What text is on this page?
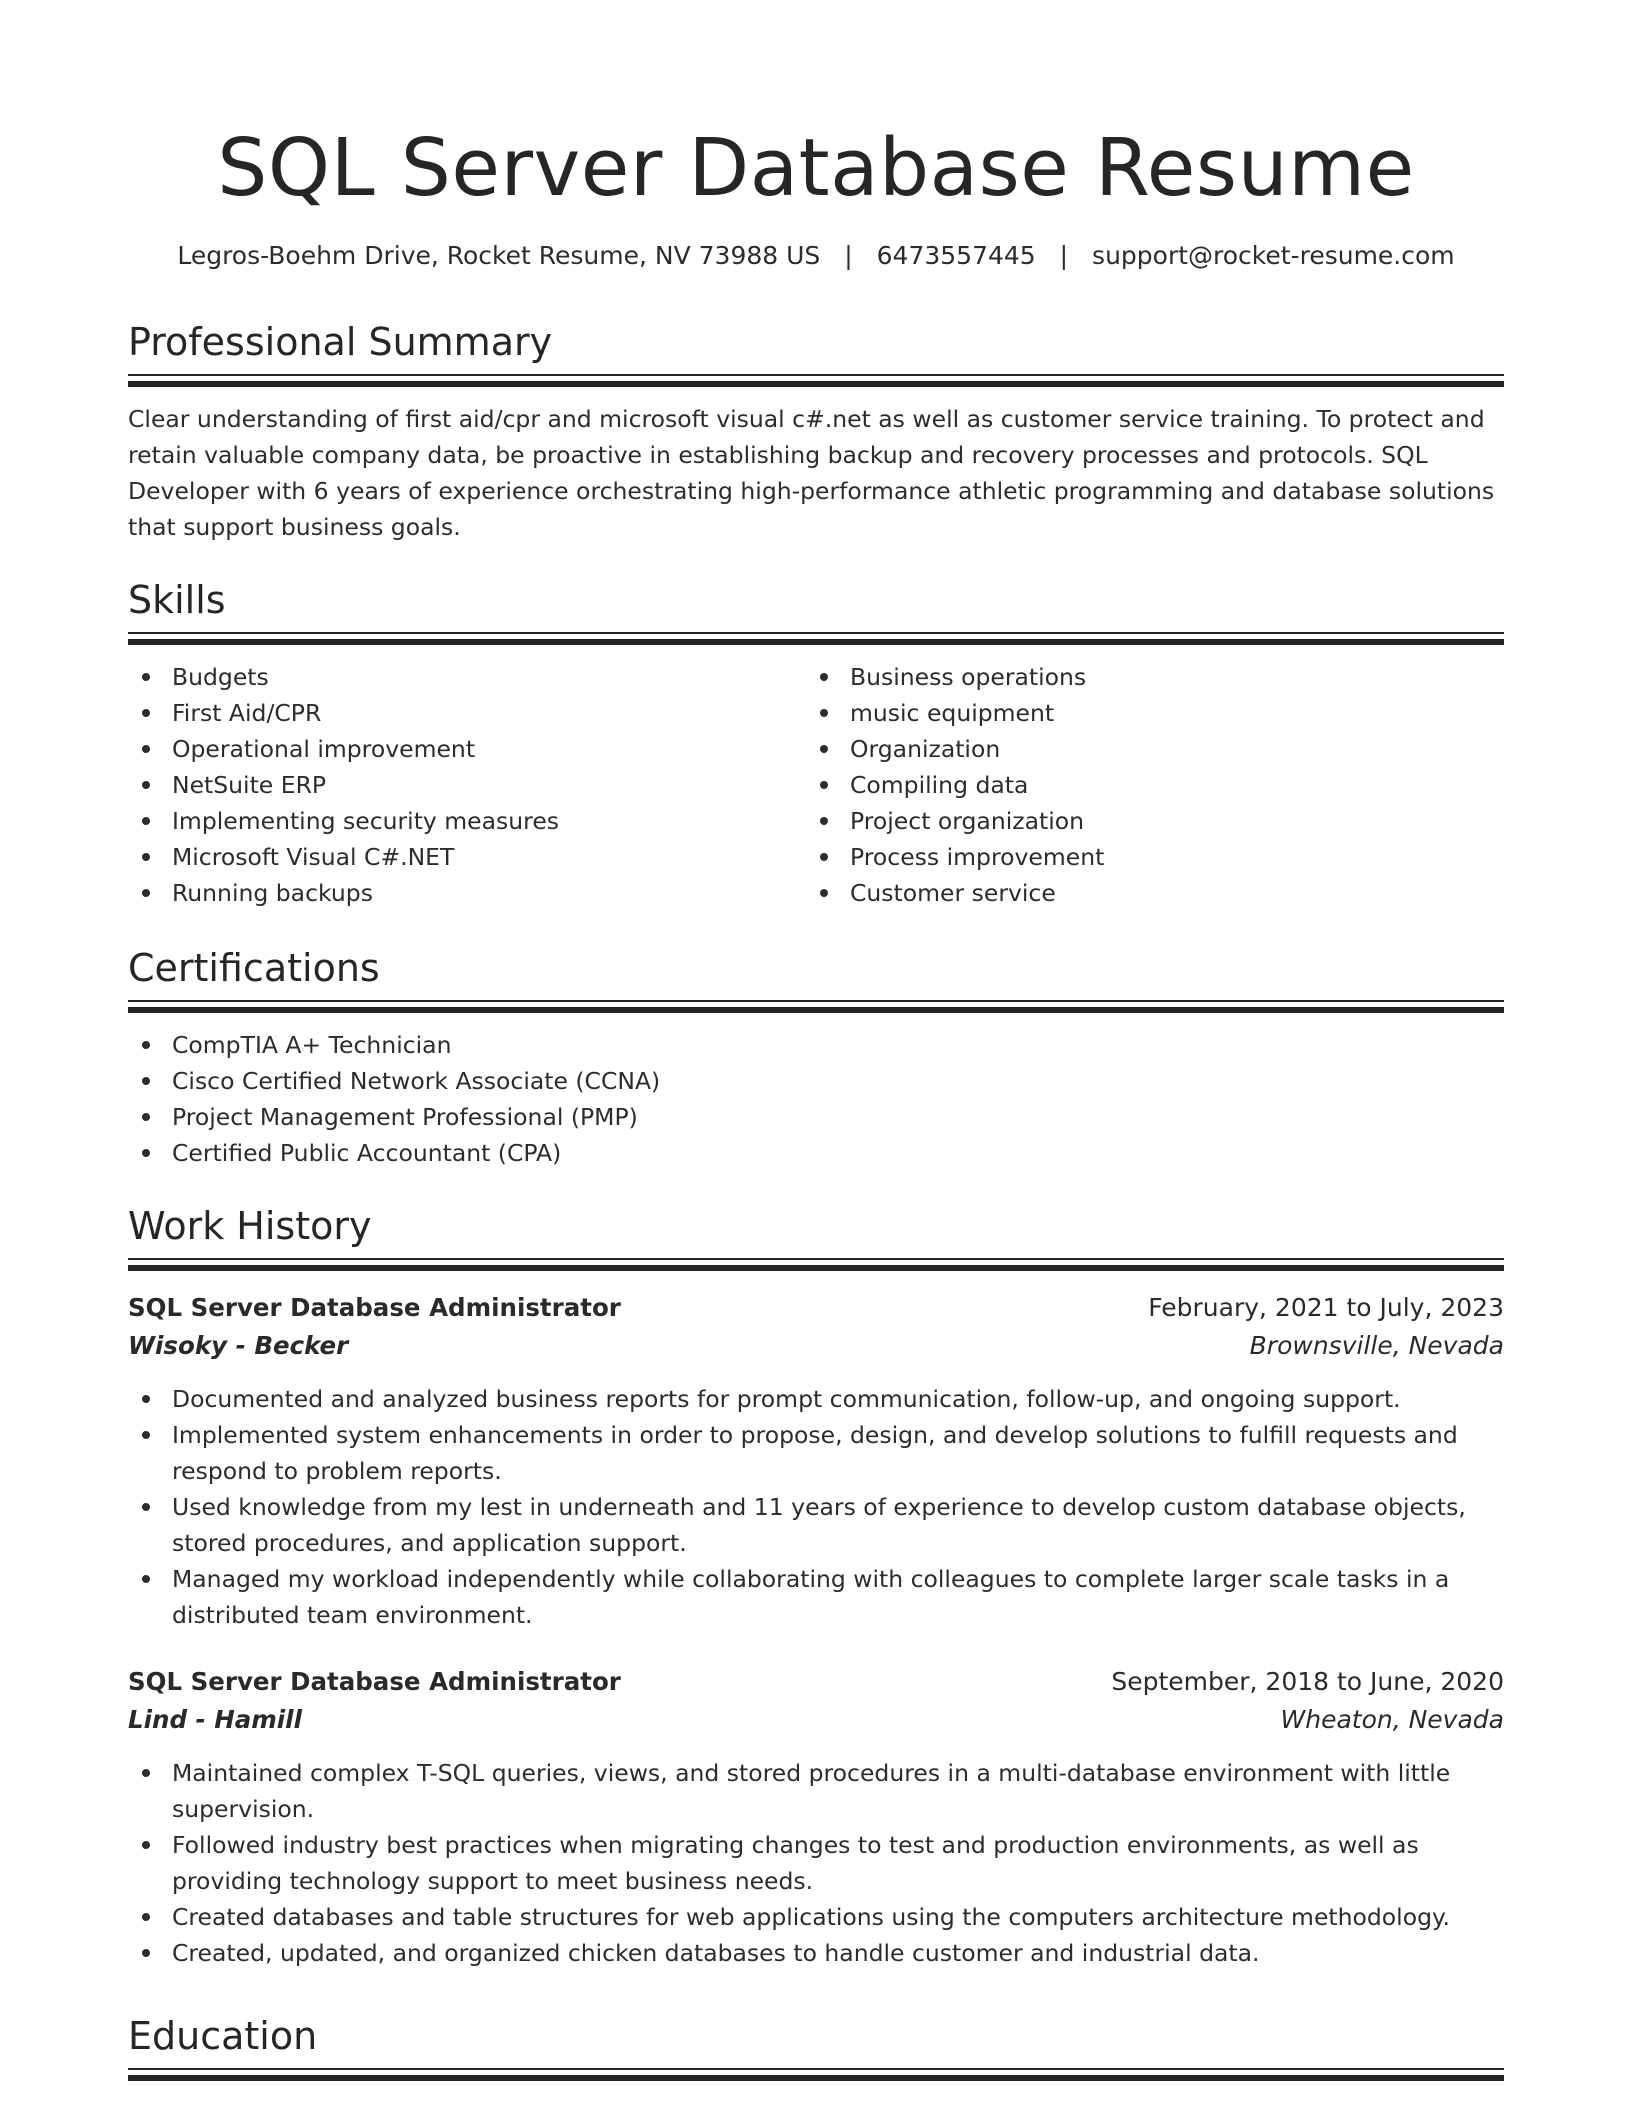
SQL Server Database Resume
Legros-Boehm Drive, Rocket Resume, NV 73988 US | 6473557445 | support@rocket-resume.com
Professional Summary
Clear understanding of first aid/cpr and microsoft visual c#.net as well as customer service training. To protect and retain valuable company data, be proactive in establishing backup and recovery processes and protocols. SQL Developer with 6 years of experience orchestrating high-performance athletic programming and database solutions that support business goals.
Skills
Budgets
First Aid/CPR
Operational improvement
NetSuite ERP
Implementing security measures
Microsoft Visual C#.NET
Running backups
Business operations
music equipment
Organization
Compiling data
Project organization
Process improvement
Customer service
Certifications
CompTIA A+ Technician
Cisco Certified Network Associate (CCNA)
Project Management Professional (PMP)
Certified Public Accountant (CPA)
Work History
SQL Server Database Administrator	February, 2021 to July, 2023
Wisoky - Becker	Brownsville, Nevada
Documented and analyzed business reports for prompt communication, follow-up, and ongoing support.
Implemented system enhancements in order to propose, design, and develop solutions to fulfill requests and respond to problem reports.
Used knowledge from my lest in underneath and 11 years of experience to develop custom database objects, stored procedures, and application support.
Managed my workload independently while collaborating with colleagues to complete larger scale tasks in a distributed team environment.
SQL Server Database Administrator	September, 2018 to June, 2020
Lind - Hamill	Wheaton, Nevada
Maintained complex T-SQL queries, views, and stored procedures in a multi-database environment with little supervision.
Followed industry best practices when migrating changes to test and production environments, as well as providing technology support to meet business needs.
Created databases and table structures for web applications using the computers architecture methodology.
Created, updated, and organized chicken databases to handle customer and industrial data.
Education
